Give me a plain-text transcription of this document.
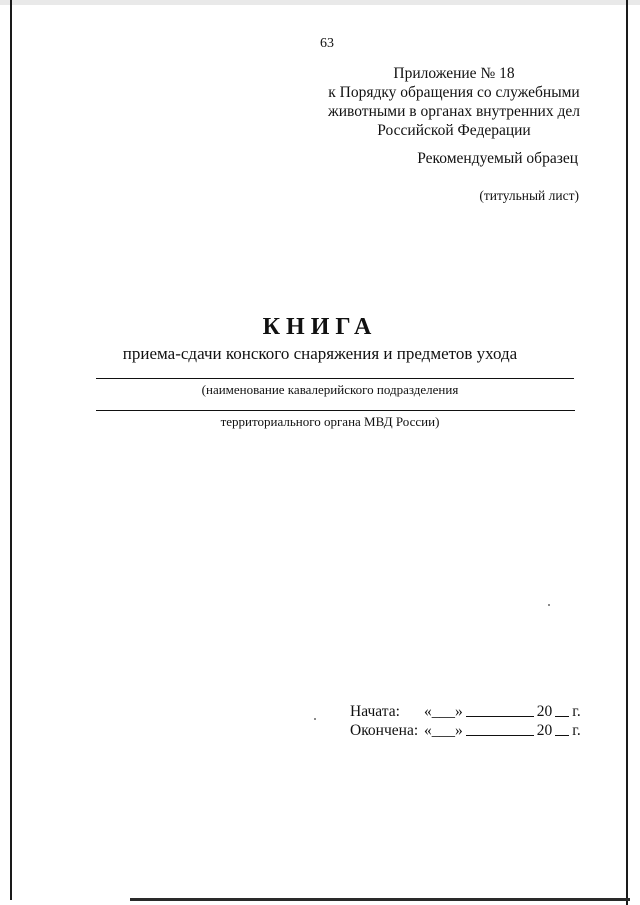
63
Приложение № 18
к Порядку обращения со служебными
животными в органах внутренних дел
Российской Федерации
Рекомендуемый образец
(титульный лист)
КНИГА
приема-сдачи конского снаряжения и предметов ухода
(наименование кавалерийского подразделения
территориального органа МВД России)
Начата:	«___»	20 г.
Окончена: «___»	20 г.
